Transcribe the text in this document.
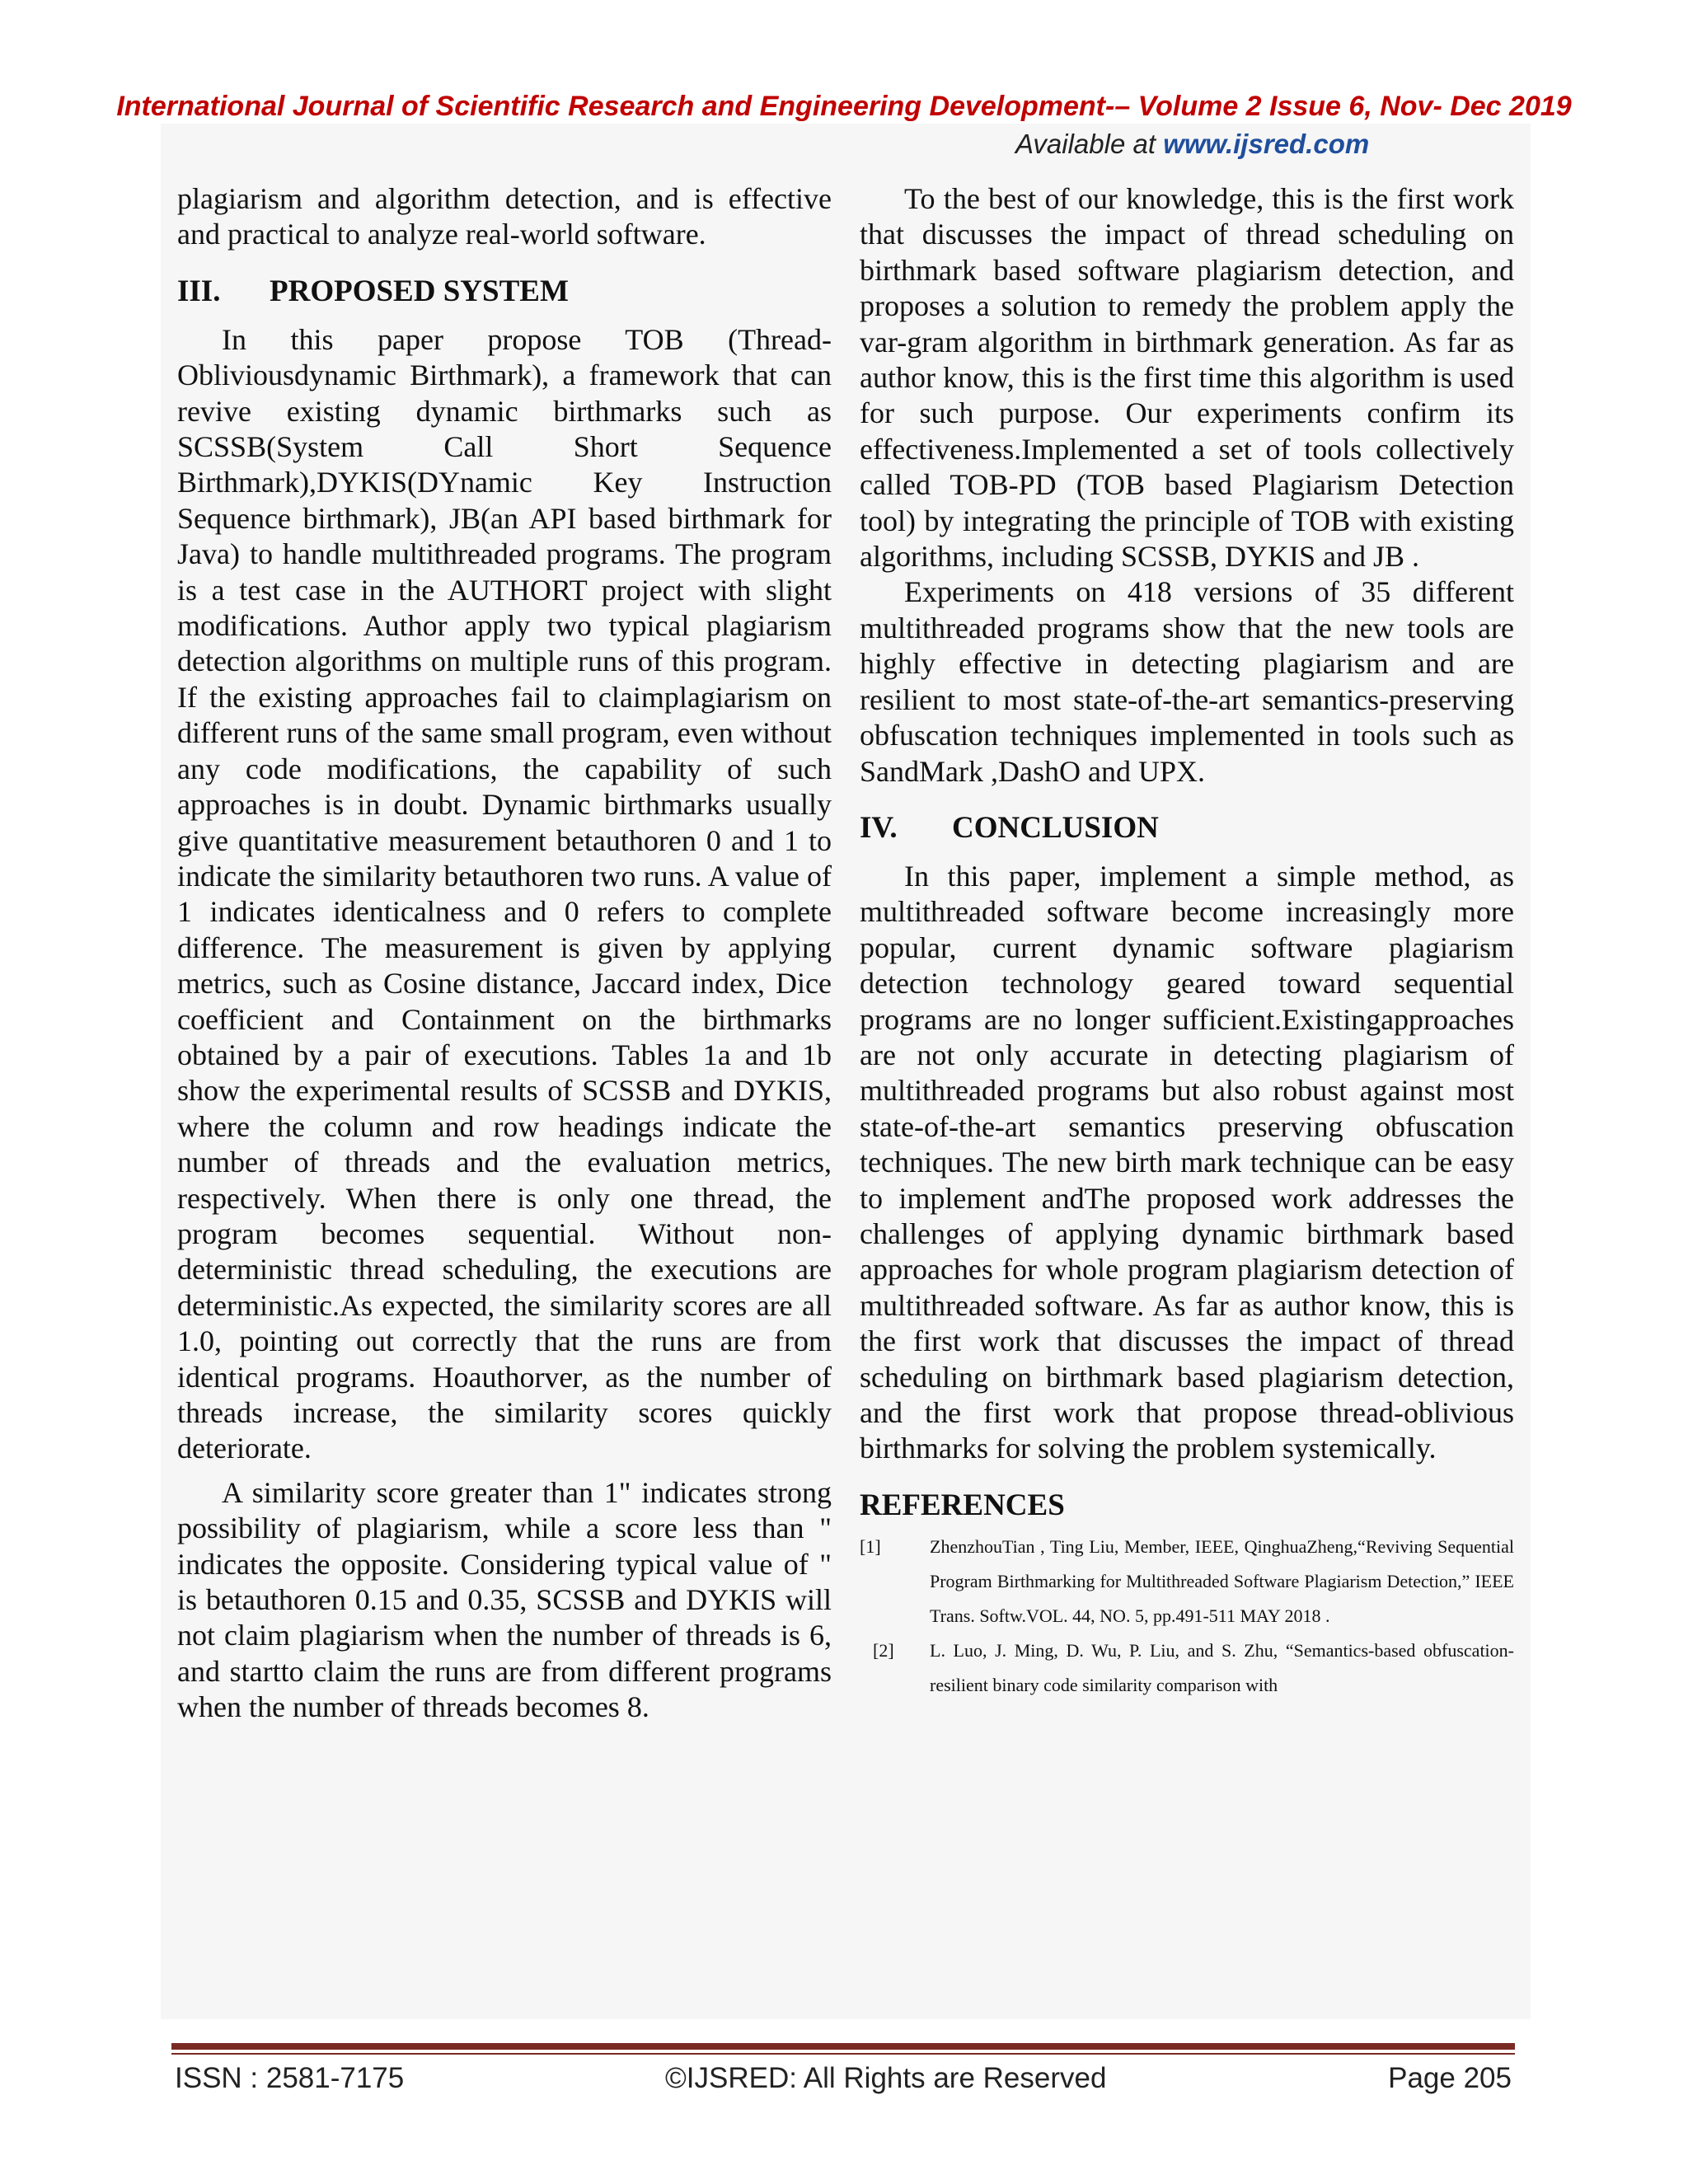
International Journal of Scientific Research and Engineering Development-– Volume 2 Issue 6, Nov- Dec 2019
Available at www.ijsred.com

plagiarism and algorithm detection, and is effective and practical to analyze real-world software.

III.	PROPOSED SYSTEM

In this paper propose TOB (Thread-Obliviousdynamic Birthmark), a framework that can revive existing dynamic birthmarks such as SCSSB(System Call Short Sequence Birthmark),DYKIS(DYnamic Key Instruction Sequence birthmark), JB(an API based birthmark for Java) to handle multithreaded programs. The program is a test case in the AUTHORT project with slight modifications. Author apply two typical plagiarism detection algorithms on multiple runs of this program. If the existing approaches fail to claimplagiarism on different runs of the same small program, even without any code modifications, the capability of such approaches is in doubt. Dynamic birthmarks usually give quantitative measurement betauthoren 0 and 1 to indicate the similarity betauthoren two runs. A value of 1 indicates identicalness and 0 refers to complete difference. The measurement is given by applying metrics, such as Cosine distance, Jaccard index, Dice coefficient and Containment on the birthmarks obtained by a pair of executions. Tables 1a and 1b show the experimental results of SCSSB and DYKIS, where the column and row headings indicate the number of threads and the evaluation metrics, respectively. When there is only one thread, the program becomes sequential. Without non-deterministic thread scheduling, the executions are deterministic.As expected, the similarity scores are all 1.0, pointing out correctly that the runs are from identical programs. Hoauthorver, as the number of threads increase, the similarity scores quickly deteriorate.

A similarity score greater than 1" indicates strong possibility of plagiarism, while a score less than " indicates the opposite. Considering typical value of " is betauthoren 0.15 and 0.35, SCSSB and DYKIS will not claim plagiarism when the number of threads is 6, and startto claim the runs are from different programs when the number of threads becomes 8.

To the best of our knowledge, this is the first work that discusses the impact of thread scheduling on birthmark based software plagiarism detection, and proposes a solution to remedy the problem apply the var-gram algorithm in birthmark generation. As far as author know, this is the first time this algorithm is used for such purpose. Our experiments confirm its effectiveness.Implemented a set of tools collectively called TOB-PD (TOB based Plagiarism Detection tool) by integrating the principle of TOB with existing algorithms, including SCSSB, DYKIS and JB .

Experiments on 418 versions of 35 different multithreaded programs show that the new tools are highly effective in detecting plagiarism and are resilient to most state-of-the-art semantics-preserving obfuscation techniques implemented in tools such as SandMark ,DashO and UPX.

IV.	CONCLUSION

In this paper, implement a simple method, as multithreaded software become increasingly more popular, current dynamic software plagiarism detection technology geared toward sequential programs are no longer sufficient.Existingapproaches are not only accurate in detecting plagiarism of multithreaded programs but also robust against most state-of-the-art semantics preserving obfuscation techniques. The new birth mark technique can be easy to implement andThe proposed work addresses the challenges of applying dynamic birthmark based approaches for whole program plagiarism detection of multithreaded software. As far as author know, this is the first work that discusses the impact of thread scheduling on birthmark based plagiarism detection, and the first work that propose thread-oblivious birthmarks for solving the problem systemically.

REFERENCES
[1]	ZhenzhouTian , Ting Liu, Member, IEEE, QinghuaZheng,“Reviving Sequential Program Birthmarking for Multithreaded Software Plagiarism Detection,” IEEE Trans. Softw.VOL. 44, NO. 5, pp.491-511 MAY 2018 .
[2]	L. Luo, J. Ming, D. Wu, P. Liu, and S. Zhu, “Semantics-based obfuscation-resilient binary code similarity comparison with
ISSN : 2581-7175	©IJSRED: All Rights are Reserved	Page 205
